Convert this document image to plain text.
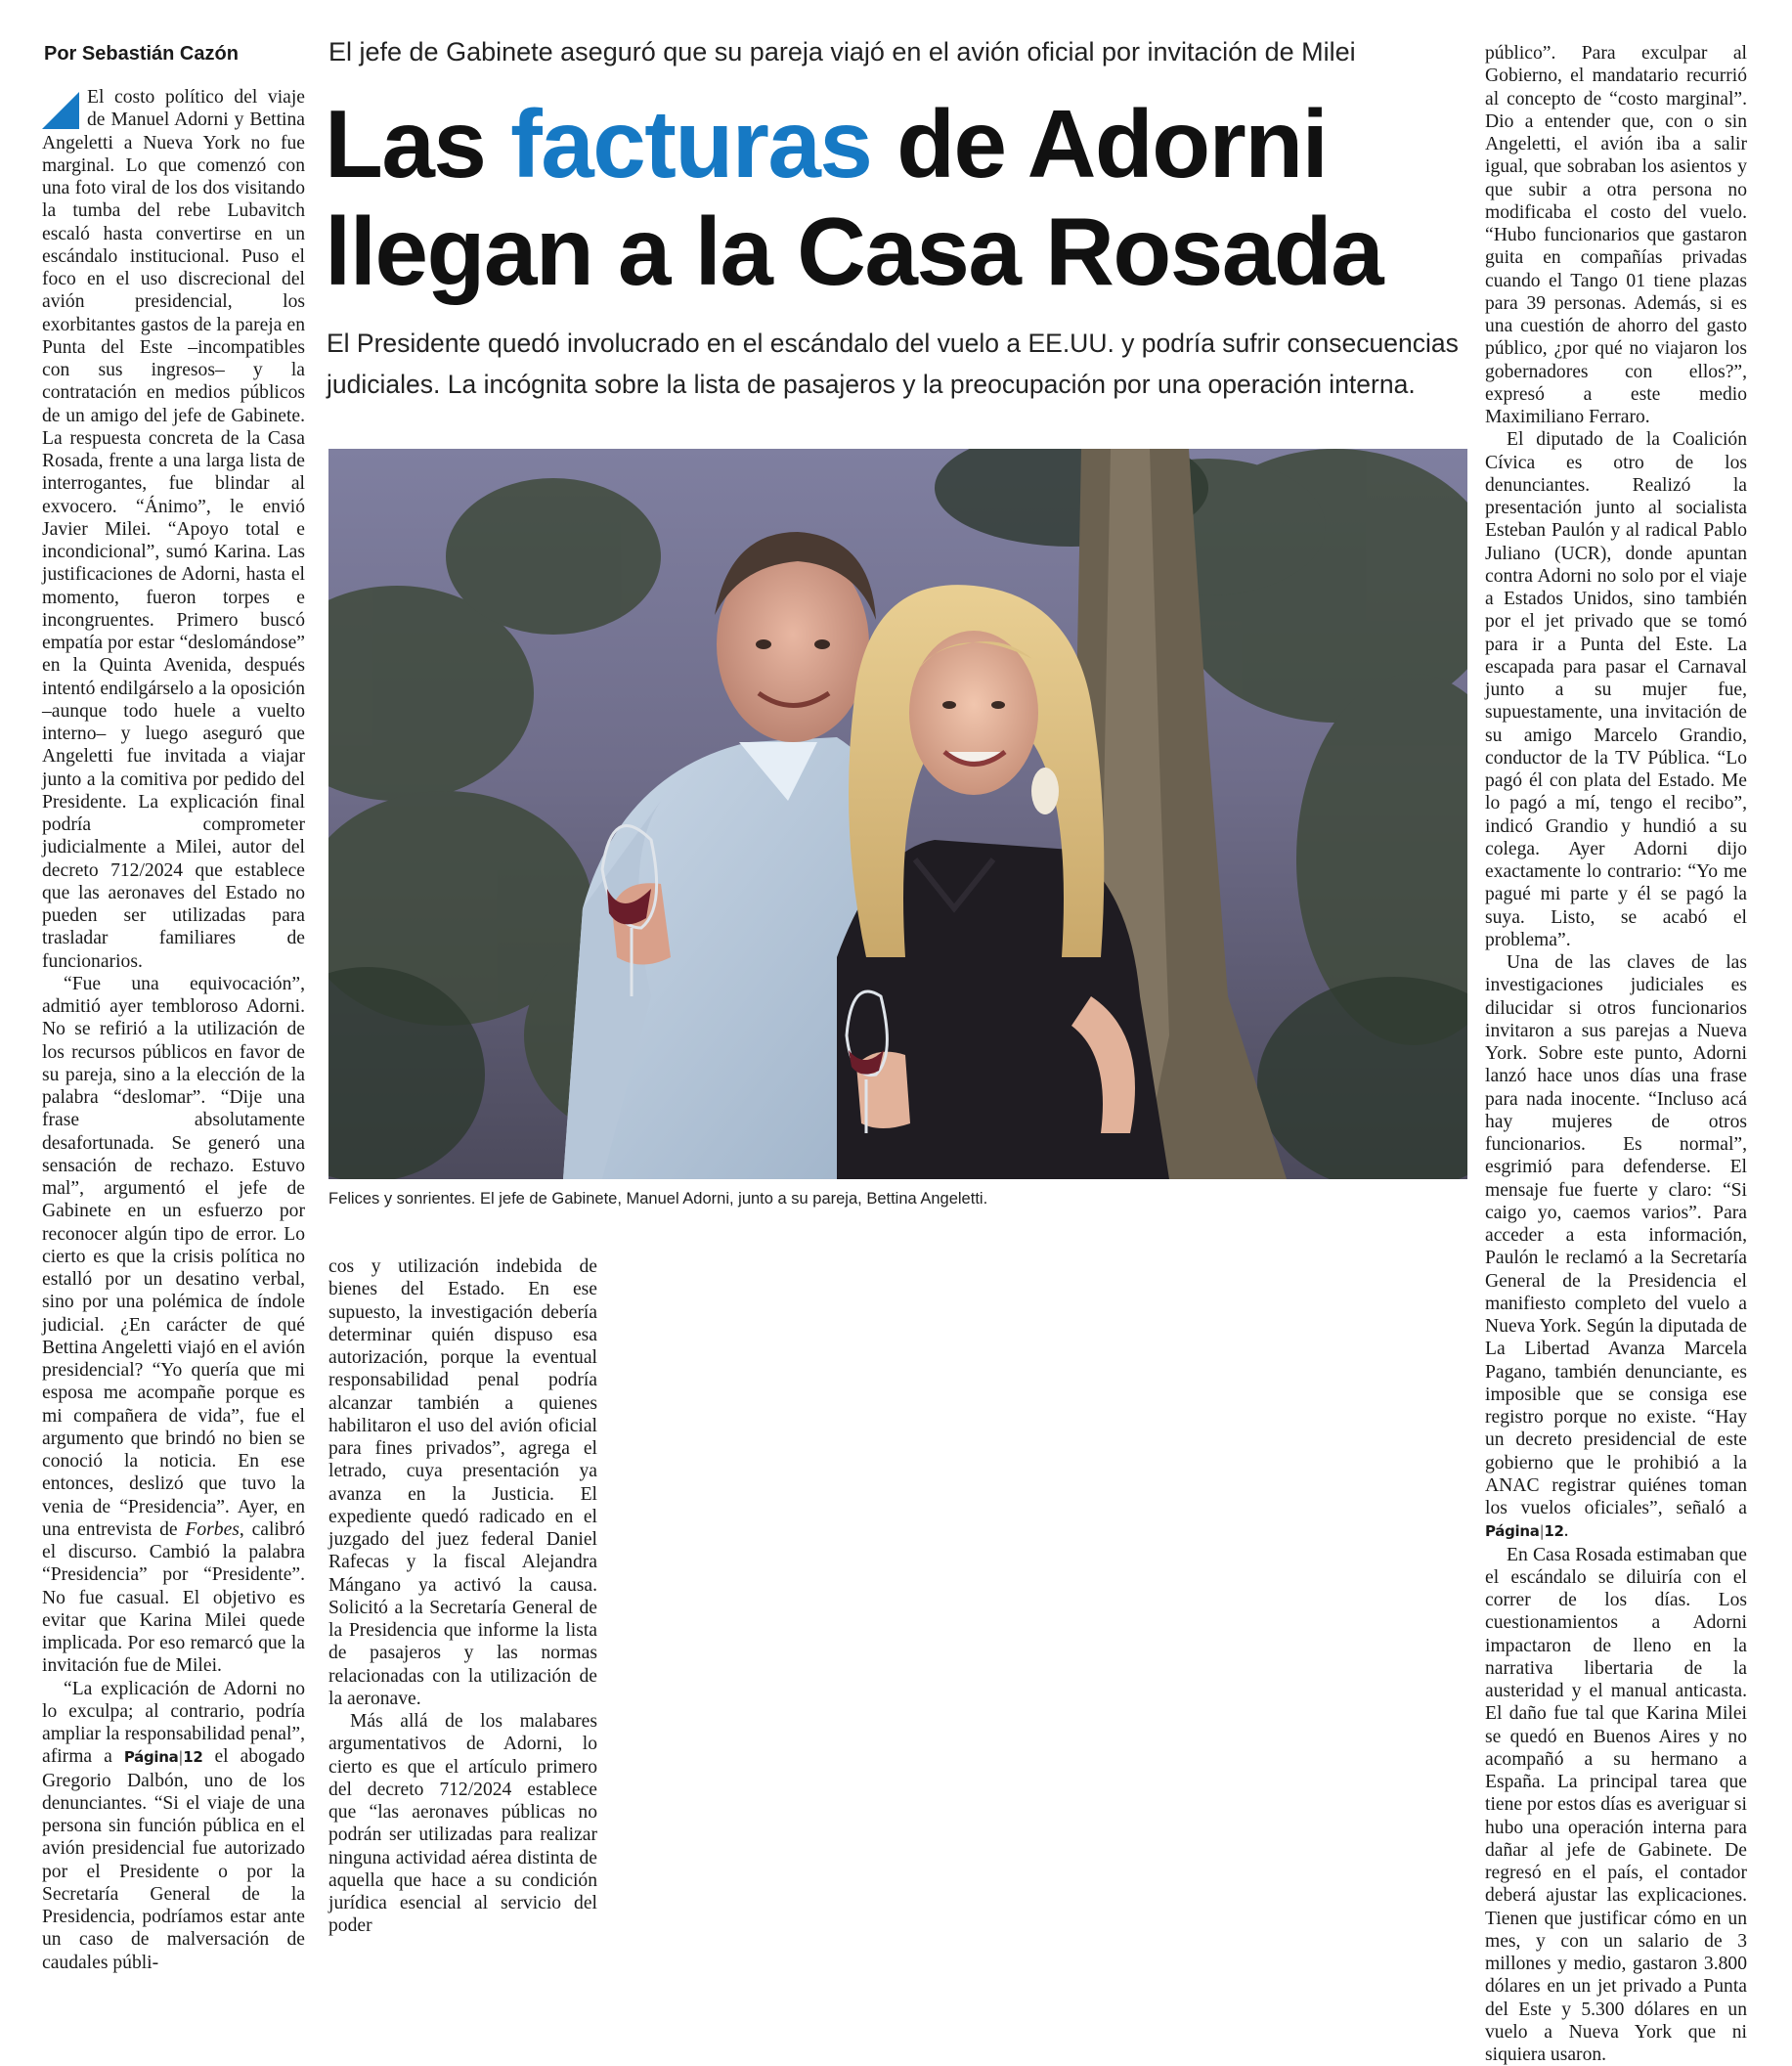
Por Sebastián Cazón	El jefe de Gabinete aseguró que su pareja viajó en el avión oficial por invitación de Milei
Las facturas de Adorni llegan a la Casa Rosada

El Presidente quedó involucrado en el escándalo del vuelo a EE.UU. y podría sufrir consecuencias judiciales. La incógnita sobre la lista de pasajeros y la preocupación por una operación interna.

Felices y sonrientes. El jefe de Gabinete, Manuel Adorni, junto a su pareja, Bettina Angeletti.

El costo político del viaje de Manuel Adorni y Bettina Angeletti a Nueva York no fue marginal. Lo que comenzó con una foto viral de los dos visitando la tumba del rebe Lubavitch escaló hasta convertirse en un escándalo institucional. Puso el foco en el uso discrecional del avión presidencial, los exorbitantes gastos de la pareja en Punta del Este –incompatibles con sus ingresos– y la contratación en medios públicos de un amigo del jefe de Gabinete. La respuesta concreta de la Casa Rosada, frente a una larga lista de interrogantes, fue blindar al exvocero. “Ánimo”, le envió Javier Milei. “Apoyo total e incondicional”, sumó Karina. Las justificaciones de Adorni, hasta el momento, fueron torpes e incongruentes. Primero buscó empatía por estar “deslomándose” en la Quinta Avenida, después intentó endilgárselo a la oposición –aunque todo huele a vuelto interno– y luego aseguró que Angeletti fue invitada a viajar junto a la comitiva por pedido del Presidente. La explicación final podría comprometer judicialmente a Milei, autor del decreto 712/2024 que establece que las aeronaves del Estado no pueden ser utilizadas para trasladar familiares de funcionarios.

“Fue una equivocación”, admitió ayer tembloroso Adorni. No se refirió a la utilización de los recursos públicos en favor de su pareja, sino a la elección de la palabra “deslomar”. “Dije una frase absolutamente desafortunada. Se generó una sensación de rechazo. Estuvo mal”, argumentó el jefe de Gabinete en un esfuerzo por reconocer algún tipo de error. Lo cierto es que la crisis política no estalló por un desatino verbal, sino por una polémica de índole judicial. ¿En carácter de qué Bettina Angeletti viajó en el avión presidencial? “Yo quería que mi esposa me acompañe porque es mi compañera de vida”, fue el argumento que brindó no bien se conoció la noticia. En ese entonces, deslizó que tuvo la venia de “Presidencia”. Ayer, en una entrevista de Forbes, calibró el discurso. Cambió la palabra “Presidencia” por “Presidente”. No fue casual. El objetivo es evitar que Karina Milei quede implicada. Por eso remarcó que la invitación fue de Milei.

“La explicación de Adorni no lo exculpa; al contrario, podría ampliar la responsabilidad penal”, afirma a Página|12 el abogado Gregorio Dalbón, uno de los denunciantes. “Si el viaje de una persona sin función pública en el avión presidencial fue autorizado por el Presidente o por la Secretaría General de la Presidencia, podríamos estar ante un caso de malversación de caudales públi-

cos y utilización indebida de bienes del Estado. En ese supuesto, la investigación debería determinar quién dispuso esa autorización, porque la eventual responsabilidad penal podría alcanzar también a quienes habilitaron el uso del avión oficial para fines privados”, agrega el letrado, cuya presentación ya avanza en la Justicia. El expediente quedó radicado en el juzgado del juez federal Daniel Rafecas y la fiscal Alejandra Mángano ya activó la causa. Solicitó a la Secretaría General de la Presidencia que informe la lista de pasajeros y las normas relacionadas con la utilización de la aeronave.

Más allá de los malabares argumentativos de Adorni, lo cierto es que el artículo primero del decreto 712/2024 establece que “las aeronaves públicas no podrán ser utilizadas para realizar ninguna actividad aérea distinta de aquella que hace a su condición jurídica esencial al servicio del poder

público”. Para exculpar al Gobierno, el mandatario recurrió al concepto de “costo marginal”. Dio a entender que, con o sin Angeletti, el avión iba a salir igual, que sobraban los asientos y que subir a otra persona no modificaba el costo del vuelo. “Hubo funcionarios que gastaron guita en compañías privadas cuando el Tango 01 tiene plazas para 39 personas. Además, si es una cuestión de ahorro del gasto público, ¿por qué no viajaron los gobernadores con ellos?”, expresó a este medio Maximiliano Ferraro.

El diputado de la Coalición Cívica es otro de los denunciantes. Realizó la presentación junto al socialista Esteban Paulón y al radical Pablo Juliano (UCR), donde apuntan contra Adorni no solo por el viaje a Estados Unidos, sino también por el jet privado que se tomó para ir a Punta del Este. La escapada para pasar el Carnaval junto a su mujer fue, supuestamente, una invitación de su amigo Marcelo Grandio, conductor de la TV Pública. “Lo pagó él con plata del Estado. Me lo pagó a mí, tengo el recibo”, indicó Grandio y hundió a su colega. Ayer Adorni dijo exactamente lo contrario: “Yo me pagué mi parte y él se pagó la suya. Listo, se acabó el problema”.

Una de las claves de las investigaciones judiciales es dilucidar si otros funcionarios invitaron a sus parejas a Nueva York. Sobre este punto, Adorni lanzó hace unos días una frase para nada inocente. “Incluso acá hay mujeres de otros funcionarios. Es normal”, esgrimió para defenderse. El mensaje fue fuerte y claro: “Si caigo yo, caemos varios”. Para acceder a esta información, Paulón le reclamó a la Secretaría General de la Presidencia el manifiesto completo del vuelo a Nueva York. Según la diputada de La Libertad Avanza Marcela Pagano, también denunciante, es imposible que se consiga ese registro porque no existe. “Hay un decreto presidencial de este gobierno que le prohibió a la ANAC registrar quiénes toman los vuelos oficiales”, señaló a Página|12.

En Casa Rosada estimaban que el escándalo se diluiría con el correr de los días. Los cuestionamientos a Adorni impactaron de lleno en la narrativa libertaria de la austeridad y el manual anticasta. El daño fue tal que Karina Milei se quedó en Buenos Aires y no acompañó a su hermano a España. La principal tarea que tiene por estos días es averiguar si hubo una operación interna para dañar al jefe de Gabinete. De regresó en el país, el contador deberá ajustar las explicaciones. Tienen que justificar cómo en un mes, y con un salario de 3 millones y medio, gastaron 3.800 dólares en un jet privado a Punta del Este y 5.300 dólares en un vuelo a Nueva York que ni siquiera usaron.
